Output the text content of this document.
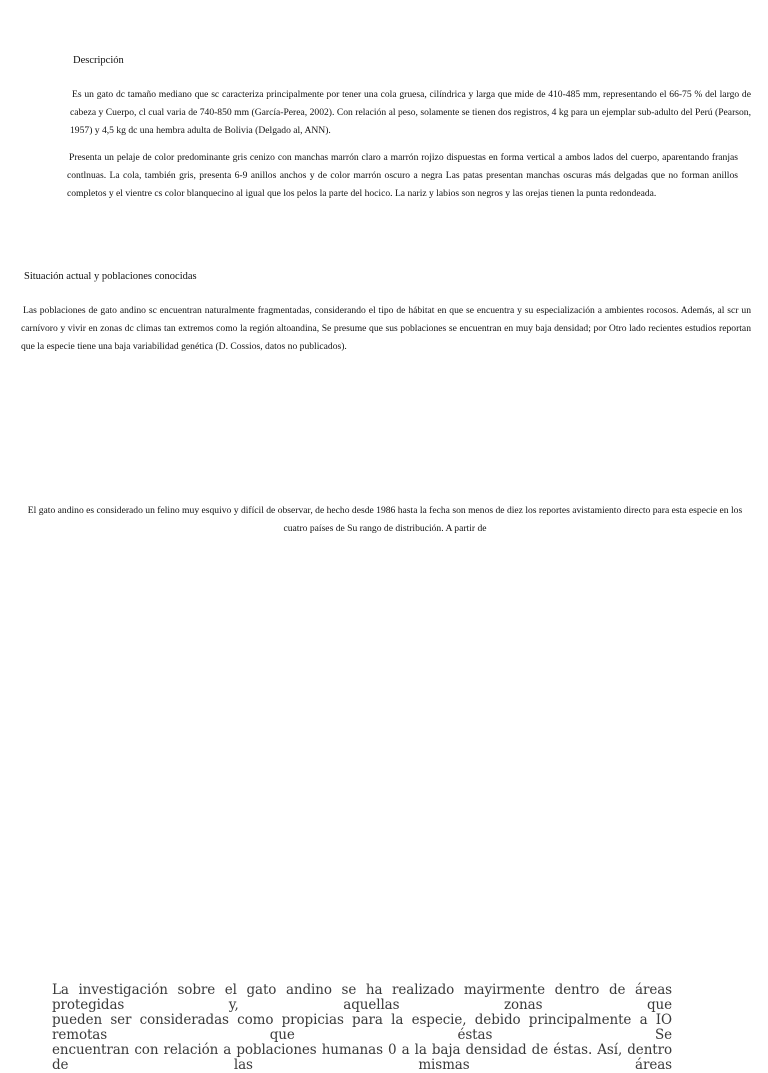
Descripción

Es un gato dc tamaño mediano que sc caracteriza principalmente por tener una cola gruesa, cilíndrica y larga que mide de 410-485 mm, representando el 66-75 % del largo de cabeza y Cuerpo, cl cual varia de 740-850 mm (García-Perea, 2002). Con relación al peso, solamente se tienen dos registros, 4 kg para un ejemplar sub-adulto del Perú (Pearson, 1957) y 4,5 kg dc una hembra adulta de Bolivia (Delgado al, ANN).

Presenta un pelaje de color predominante gris cenizo con manchas marrón claro a marrón rojizo dispuestas en forma vertical a ambos lados del cuerpo, aparentando franjas contlnuas. La cola, también gris, presenta 6-9 anillos anchos y de color marrón oscuro a negra Las patas presentan manchas oscuras más delgadas que no forman anillos completos y el vientre cs color blanquecino al igual que los pelos la parte del hocico. La nariz y labios son negros y las orejas tienen la punta redondeada.

Situación actual y poblaciones conocidas

Las poblaciones de gato andino sc encuentran naturalmente fragmentadas, considerando el tipo de hábitat en que se encuentra y su especialización a ambientes rocosos. Además, al scr un carnívoro y vivir en zonas dc climas tan extremos como la región altoandina, Se presume que sus poblaciones se encuentran en muy baja densidad; por Otro lado recientes estudios reportan que la especie tiene una baja variabilidad genética (D. Cossios, datos no publicados).

El gato andino es considerado un felino muy esquivo y difícil de observar, de hecho desde 1986 hasta la fecha son menos de diez los reportes avistamiento directo para esta especie en los cuatro países de Su rango de distribución. A partir de

La investigación sobre el gato andino se ha realizado mayirmente dentro de áreas protegidas y, aquellas zonas que
pueden ser consideradas como propicias para la especie, debido principalmente a IO remotas que éstas Se
encuentran con relación a poblaciones humanas 0 a la baja densidad de éstas. Así, dentro de las mismas áreas
